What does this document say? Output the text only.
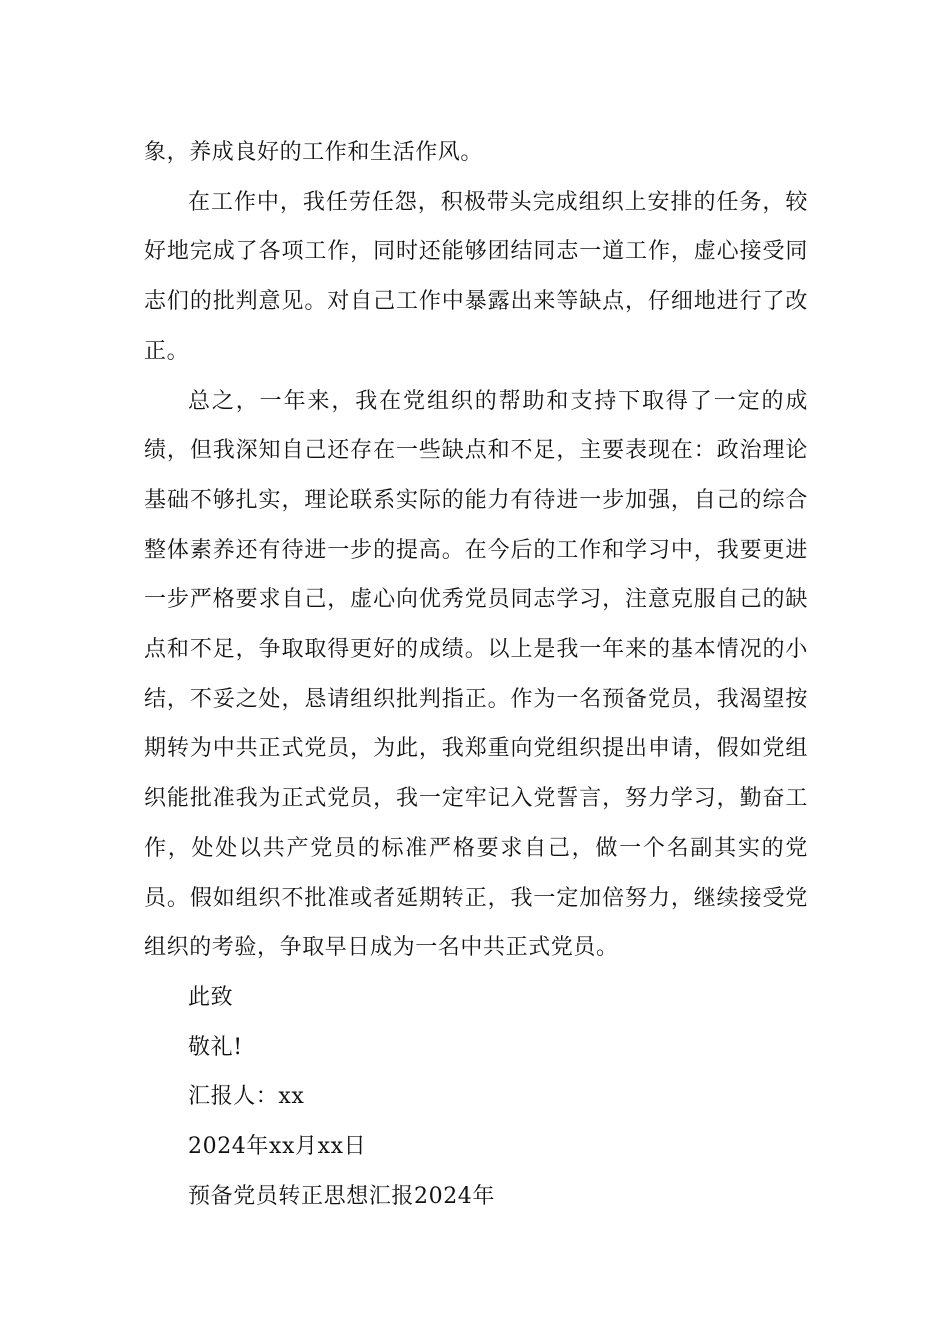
象，养成良好的工作和生活作风。

在工作中，我任劳任怨，积极带头完成组织上安排的任务，较好地完成了各项工作，同时还能够团结同志一道工作，虚心接受同志们的批判意见。对自己工作中暴露出来等缺点，仔细地进行了改正。

总之，一年来，我在党组织的帮助和支持下取得了一定的成绩，但我深知自己还存在一些缺点和不足，主要表现在：政治理论基础不够扎实，理论联系实际的能力有待进一步加强，自己的综合整体素养还有待进一步的提高。在今后的工作和学习中，我要更进一步严格要求自己，虚心向优秀党员同志学习，注意克服自己的缺点和不足，争取取得更好的成绩。以上是我一年来的基本情况的小结，不妥之处，恳请组织批判指正。作为一名预备党员，我渴望按期转为中共正式党员，为此，我郑重向党组织提出申请，假如党组织能批准我为正式党员，我一定牢记入党誓言，努力学习，勤奋工作，处处以共产党员的标准严格要求自己，做一个名副其实的党员。假如组织不批准或者延期转正，我一定加倍努力，继续接受党组织的考验，争取早日成为一名中共正式党员。

此致

敬礼!

汇报人：xx

2024年xx月xx日

预备党员转正思想汇报2024年
